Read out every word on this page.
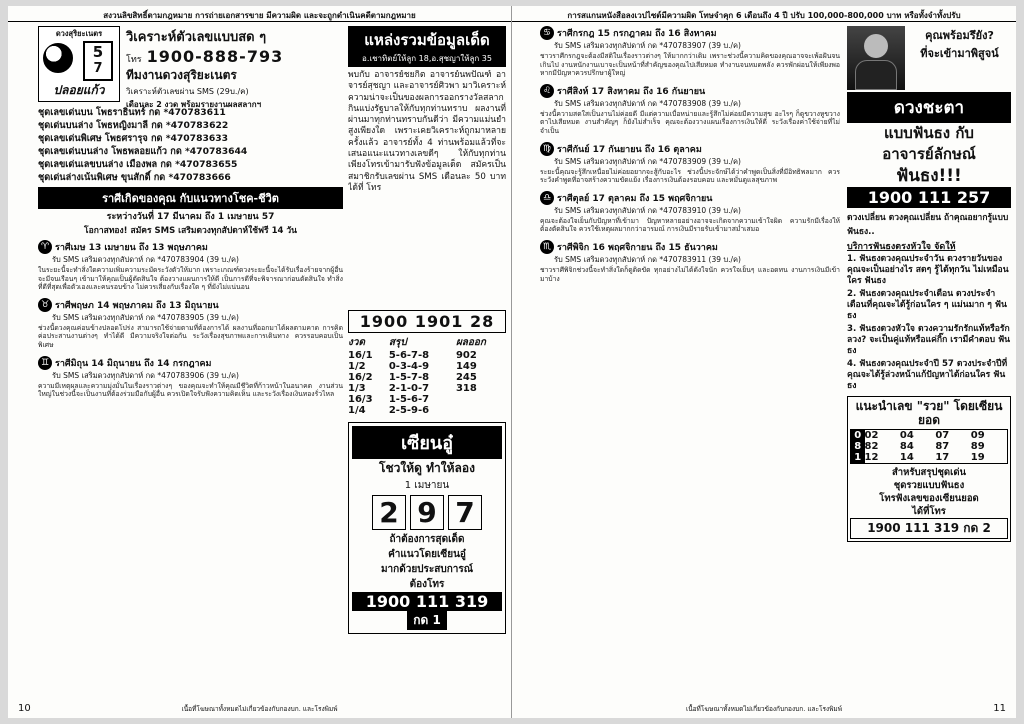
สงวนลิขสิทธิ์ตามกฎหมาย การถ่ายเอกสารขาย มีความผิด และจะถูกดำเนินคดีตามกฎหมาย
ดวงสุริยะเนตร
5
7
ปลอยแก้ว
วิเคราะห์ตัวเลขแบบสด ๆ
โทร 1900-888-793
ทีมงานดวงสุริยะเนตร
วิเคราะห์ตัวเลขผ่าน SMS (29บ./ค)
เดือนละ 2 งวด พร้อมรายงานผลสลากฯ
ชุดเลขเด่นบน โพธราธินทร์ กด *470783611
ชุดเด่นบนล่าง โพธหญิงมาลี กด *470783622
ชุดเลขเด่นพิเศษ โพธศรารุจ กด *470783633
ชุดเลขเด่นบนล่าง โพธพลอยแก้ว กด *470783644
ชุดเลขเด่นเลขบนล่าง เมืองพล กด *470783655
ชุดเด่นล่างเน้นพิเศษ ขุนสักดิ์ กด *470783666
ราศีเกิดของคุณ กับแนวทางโชค-ชีวิต
ระหว่างวันที่ 17 มีนาคม ถึง 1 เมษายน 57
โอกาสทอง! สมัคร SMS เสริมดวงทุกสัปดาห์ใช้ฟรี 14 วัน
♈ ราศีเมษ 13 เมษายน ถึง 13 พฤษภาคม
รับ SMS เสริมดวงทุกสัปดาห์ กด *470783904 (39 บ./ค)
ในระยะนี้จะทำสิ่งใดความเพิ่มความระมัดระวังตัวให้มาก เพราะเกณฑ์ดวงระยะนี้จะได้รับเรื่องร้ายจากผู้อื่น จะมีจนเรือนๆ เข้ามาให้คุณเป็นผู้ตัดสินใจ ต้องวางแผนการให้ดี เป็นการดีที่จะพิจารณาก่อนตัดสินใจ ทำสิ่งที่ดีที่สุดเพื่อตัวเองและคนรอบข้าง ไม่ควรเสี่ยงกับเรื่องใด ๆ ที่ยังไม่แน่นอน
♉ ราศีพฤษภ 14 พฤษภาคม ถึง 13 มิถุนายน
รับ SMS เสริมดวงทุกสัปดาห์ กด *470783905 (39 บ./ค)
ช่วงนี้ดวงคุณค่อนข้างปลอดโปร่ง สามารถใช้จ่ายตามที่ต้องการได้ ผลงานที่ออกมาได้ผลตามคาด การคิดค่อประสานงานต่างๆ ทำได้ดี มีความจริงใจต่อกัน ระวังเรื่องสุขภาพและการเดินทาง ควรรอบคอบเป็นพิเศษ
♊ ราศีมิถุน 14 มิถุนายน ถึง 14 กรกฎาคม
รับ SMS เสริมดวงทุกสัปดาห์ กด *470783906 (39 บ./ค)
ความมีเหตุผลและความมุ่งมั่นในเรื่องราวต่างๆ ของคุณจะทำให้คุณมีชีวิตที่ก้าวหน้าในอนาคต งานส่วนใหญ่ในช่วงนี้จะเป็นงานที่ต้องร่วมมือกับผู้อื่น ควรเปิดใจรับฟังความคิดเห็น และระวังเรื่องเงินทองรั่วไหล
แหล่งรวมข้อมูลเด็ด
อ.เชาทิตย์ให้ลูก 18,อ.สุชญาให้ลูก 35
พบกับ อาจารย์ชยกิต อาจารย์นพปัณฑ์ อาจารย์สุชญา และอาจารย์ศิวพา มาวิเคราะห์ความน่าจะเป็นของผลการออกรางวัลสลากกินแบ่งรัฐบาลให้กับทุกท่านทราบ ผลงานที่ผ่านมาทุกท่านทราบกันดีว่า มีความแม่นยำสูงเพียงใด เพราะเคยวิเคราะห์ถูกมาหลายครั้งแล้ว อาจารย์ทั้ง 4 ท่านพร้อมแล้วที่จะเสนอแนะแนวทางเลขดีๆ ให้กับทุกท่าน เพียงโทรเข้ามารับฟังข้อมูลเด็ด สมัครเป็นสมาชิกรับเลขผ่าน SMS เดือนละ 50 บาทได้ที่ โทร
1900 1901 28
งวด	สรุป	ผลออก
16/1	5-6-7-8	902
1/2	0-3-4-9	149
16/2	1-5-7-8	245
1/3	2-1-0-7	318
16/3	1-5-6-7	
1/4	2-5-9-6	
เซียนอู๋
โชวให้ดู ทำให้ลอง
1 เมษายน
2 9 7
ถ้าต้องการสุดเด็ด
คำแนวโดยเซียนอู๋
มากด้วยประสบการณ์
ต้องโทร
1900 111 319
กด 1
10	เนื้อที่โฆษณาทั้งหมดไม่เกี่ยวข้องกับกองบก. และโรงพิมพ์
การสแกนหนังสือลงเวปไซต์มีความผิด โทษจำคุก 6 เดือนถึง 4 ปี ปรับ 100,000-800,000 บาท หรือทั้งจำทั้งปรับ
♋ ราศีกรกฎ 15 กรกฎาคม ถึง 16 สิงหาคม
รับ SMS เสริมดวงทุกสัปดาห์ กด *470783907 (39 บ./ค)
ชาวราศีกรกฎจะต้องมีสติในเรื่องราวต่างๆ ให้มากกว่าเดิม เพราะช่วงนี้ความคิดของคุณอาจจะเพ้อฝันจนเกินไป งานหนักงานเบาจะเป็นหน้าที่สำคัญของคุณไปเสียหมด ทำงานจนหมดพลัง ควรพักผ่อนให้เพียงพอ หากมีปัญหาควรปรึกษาผู้ใหญ่
♌ ราศีสิงห์ 17 สิงหาคม ถึง 16 กันยายน
รับ SMS เสริมดวงทุกสัปดาห์ กด *470783908 (39 บ./ค)
ช่วงนี้ความสดใสเป็นงานไม่ค่อยดี มีแต่ความเบื่อหน่ายและรู้สึกไม่ค่อยมีความสุข อะไรๆ ก็ดูขวางหูขวางตาไปเสียหมด งานสำคัญๆ ก็ยังไม่สำเร็จ คุณจะต้องวางแผนเรื่องการเงินให้ดี ระวังเรื่องค่าใช้จ่ายที่ไม่จำเป็น
♍ ราศีกันย์ 17 กันยายน ถึง 16 ตุลาคม
รับ SMS เสริมดวงทุกสัปดาห์ กด *470783909 (39 บ./ค)
ระยะนี้คุณจะรู้สึกเหนื่อยไม่ค่อยอยากจะสู้กับอะไร ช่วงนี้ประจักษ์ได้ว่าคำพูดเป็นสิ่งที่มีอิทธิพลมาก ควรระวังคำพูดที่อาจสร้างความขัดแย้ง เรื่องการเงินต้องรอบคอบ และหมั่นดูแลสุขภาพ
♎ ราศีตุลย์ 17 ตุลาคม ถึง 15 พฤศจิกายน
รับ SMS เสริมดวงทุกสัปดาห์ กด *470783910 (39 บ./ค)
คุณจะต้องใจเย็นกับปัญหาที่เข้ามา ปัญหาหลายอย่างอาจจะเกิดจากความเข้าใจผิด ความรักมีเรื่องให้ต้องตัดสินใจ ควรใช้เหตุผลมากกว่าอารมณ์ การเงินมีรายรับเข้ามาสม่ำเสมอ
♏ ราศีพิจิก 16 พฤศจิกายน ถึง 15 ธันวาคม
รับ SMS เสริมดวงทุกสัปดาห์ กด *470783911 (39 บ./ค)
ชาวราศีพิจิกช่วงนี้จะทำสิ่งใดก็ดูติดขัด ทุกอย่างไม่ได้ดังใจนัก ควรใจเย็นๆ และอดทน งานการเงินมีเข้ามาบ้าง
คุณพร้อมรึยัง?
ที่จะเข้ามาพิสูจน์
ดวงชะตา
แบบฟันธง กับ
อาจารย์ลักษณ์
ฟันธง!!!
1900 111 257
ดวงเปลี่ยน ดวงคุณเปลี่ยน ถ้าคุณอยากรู้แบบ ฟันธง..
บริการฟันธงตรงหัวใจ จัดให้
1. ฟันธงดวงคุณประจำวัน ดวงรายวันของคุณจะเป็นอย่างไร สดๆ รู้ได้ทุกวัน ไม่เหมือนใคร ฟันธง
2. ฟันธงดวงคุณประจำเดือน ดวงประจำเดือนที่คุณจะได้รู้ก่อนใคร ๆ แม่นมาก ๆ ฟันธง
3. ฟันธงดวงหัวใจ ดวงความรักรักแท้หรือรักลวง? จะเป็นคู่แท้หรือแค่กิ๊ก เรามีคำตอบ ฟันธง
4. ฟันธงดวงคุณประจำปี 57 ดวงประจำปีที่คุณจะได้รู้ล่วงหน้าแก้ปัญหาได้ก่อนใคร ฟันธง
แนะนำเลข "รวย" โดยเซียนยอด
0	02	04	07	09
8	82	84	87	89
1	12	14	17	19
สำหรับสรุปชุดเด่น
ชุดรวยแบบฟันธง
โทรฟังเลขของเซียนยอด
ได้ที่โทร
1900 111 319 กด 2
11
เนื้อที่โฆษณาทั้งหมดไม่เกี่ยวข้องกับกองบก. และโรงพิมพ์
